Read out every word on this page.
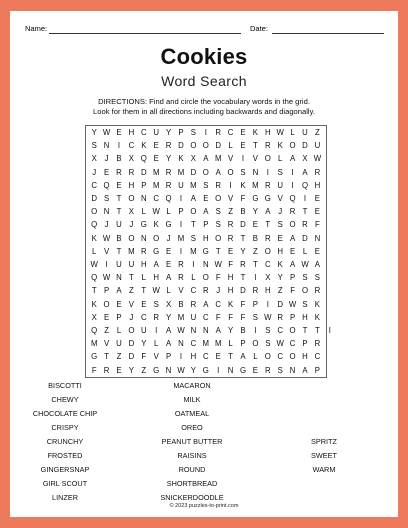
Name:	Date:
Cookies
Word Search
DIRECTIONS: Find and circle the vocabulary words in the grid.
Look for them in all directions including backwards and diagonally.
Y W E H C U Y P S	I	R C E K H W L U Z
S N	I	C K E R D O O D L E T R K O D U
X	J	B X Q E Y K X A M V	I	V O L A X W
J	E R R D M R M D O A O S N	I	S	I	A R
C Q E H P M R U M S R	I	K M R U	I	Q H
D S T O N C Q	I	A E O V F G G V Q	I	E
O N T X L W L P O A S Z B Y A	J R T E
Q J U J G K G	I	T P S R D E T S O R F
K W B O N O J M S H O R T B R E A D N
L V T M R G E	I	M G T E Y Z O H E L E
W I	U U H A E R	I	N W F R T C K A W A
Q W N T	L H A R L O F H T	I	X Y P S S
T P A Z T W L V C R J H D R H Z F O R
K O E V E S X B R A C K F P	I	D W S K
X E P	J C R Y M U C F F F S W R P H K
Q Z	L O U	I	A W N N A Y B	I	S C O T T	I
M V U D Y L A N C M M L P O S W C P R
G T Z D F V P	I	H C E T A L O C O H C
F R E Y Z G N W Y G	I	N G E R S N A P
BISCOTTI
CHEWY
CHOCOLATE CHIP
CRISPY
CRUNCHY
FROSTED
GINGERSNAP
GIRL SCOUT
LINZER
MACARON
MILK
OATMEAL
OREO
PEANUT BUTTER
RAISINS
ROUND
SHORTBREAD
SNICKERDOODLE
SPRITZ
SWEET
WARM
© 2023 puzzles-to-print.com
